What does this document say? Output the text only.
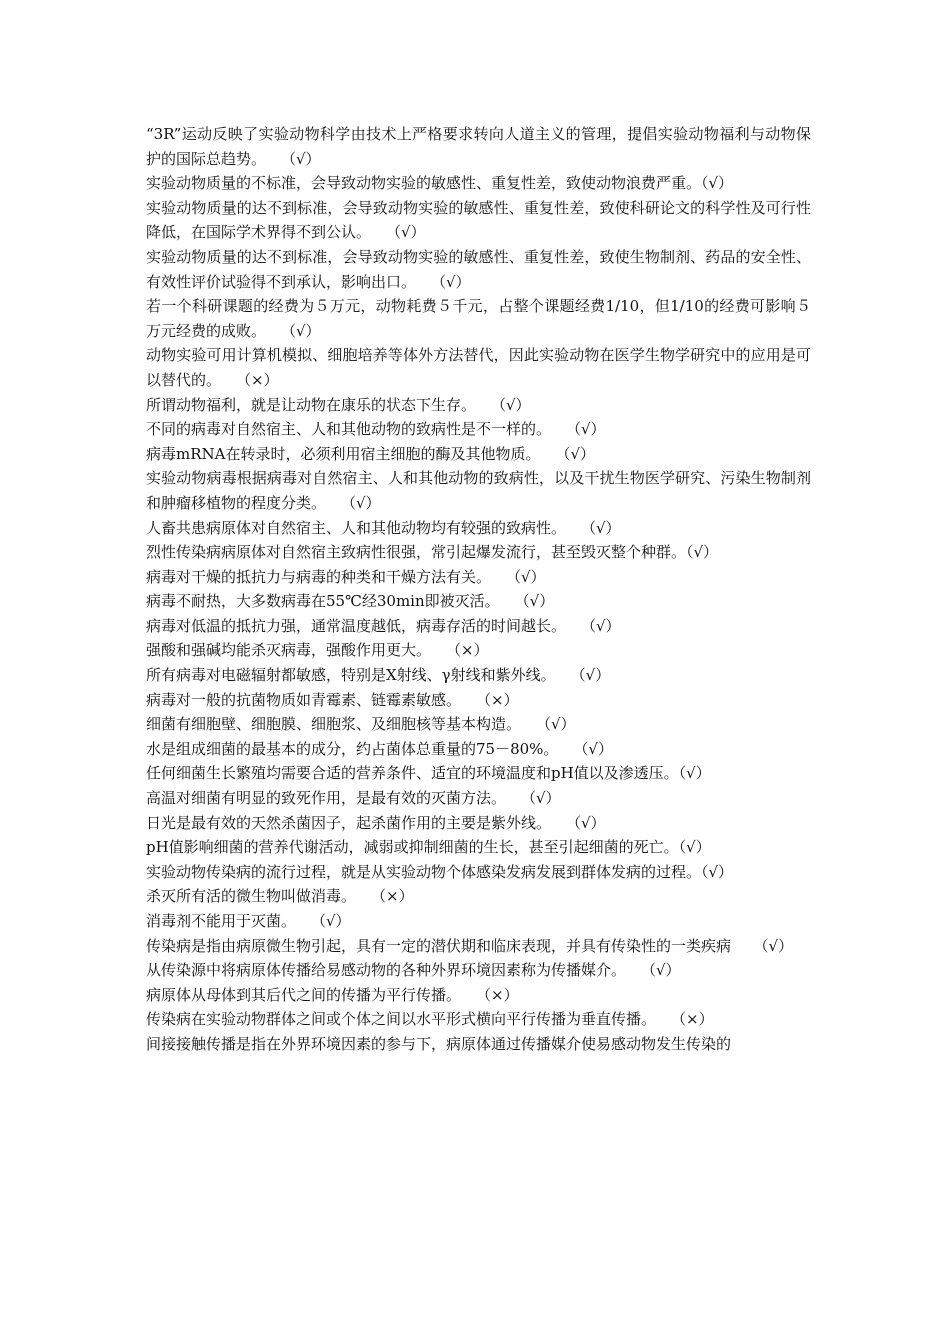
“3R”运动反映了实验动物科学由技术上严格要求转向人道主义的管理，提倡实验动物福利与动物保护的国际总趋势。　　（√）

实验动物质量的不标准，会导致动物实验的敏感性、重复性差，致使动物浪费严重。（√）

实验动物质量的达不到标准，会导致动物实验的敏感性、重复性差，致使科研论文的科学性及可行性降低，在国际学术界得不到公认。　　（√）

实验动物质量的达不到标准，会导致动物实验的敏感性、重复性差，致使生物制剂、药品的安全性、有效性评价试验得不到承认，影响出口。　　（√）

若一个科研课题的经费为５万元，动物耗费５千元，占整个课题经费1/10，但1/10的经费可影响５万元经费的成败。　　（√）

动物实验可用计算机模拟、细胞培养等体外方法替代，因此实验动物在医学生物学研究中的应用是可以替代的。　　（×）

所谓动物福利，就是让动物在康乐的状态下生存。　　（√）

不同的病毒对自然宿主、人和其他动物的致病性是不一样的。　　（√）

病毒mRNA在转录时，必须利用宿主细胞的酶及其他物质。　　（√）

实验动物病毒根据病毒对自然宿主、人和其他动物的致病性，以及干扰生物医学研究、污染生物制剂和肿瘤移植物的程度分类。　　（√）

人畜共患病原体对自然宿主、人和其他动物均有较强的致病性。　　（√）

烈性传染病病原体对自然宿主致病性很强，常引起爆发流行，甚至毁灭整个种群。（√）

病毒对干燥的抵抗力与病毒的种类和干燥方法有关。　　（√）

病毒不耐热，大多数病毒在55℃经30min即被灭活。　　（√）

病毒对低温的抵抗力强，通常温度越低，病毒存活的时间越长。　　（√）

强酸和强碱均能杀灭病毒，强酸作用更大。　　（×）

所有病毒对电磁辐射都敏感，特别是X射线、γ射线和紫外线。　　（√）

病毒对一般的抗菌物质如青霉素、链霉素敏感。　　（×）

细菌有细胞壁、细胞膜、细胞浆、及细胞核等基本构造。　　（√）

水是组成细菌的最基本的成分，约占菌体总重量的75－80%。　　（√）

任何细菌生长繁殖均需要合适的营养条件、适宜的环境温度和pH值以及渗透压。（√）

高温对细菌有明显的致死作用，是最有效的灭菌方法。　　（√）

日光是最有效的天然杀菌因子，起杀菌作用的主要是紫外线。　　（√）

pH值影响细菌的营养代谢活动，减弱或抑制细菌的生长，甚至引起细菌的死亡。（√）

实验动物传染病的流行过程，就是从实验动物个体感染发病发展到群体发病的过程。（√）

杀灭所有活的微生物叫做消毒。　　（×）

消毒剂不能用于灭菌。　　（√）

传染病是指由病原微生物引起，具有一定的潜伏期和临床表现，并具有传染性的一类疾病　　（√）

从传染源中将病原体传播给易感动物的各种外界环境因素称为传播媒介。　　（√）

病原体从母体到其后代之间的传播为平行传播。　　（×）

传染病在实验动物群体之间或个体之间以水平形式横向平行传播为垂直传播。　　（×）

间接接触传播是指在外界环境因素的参与下，病原体通过传播媒介使易感动物发生传染的
